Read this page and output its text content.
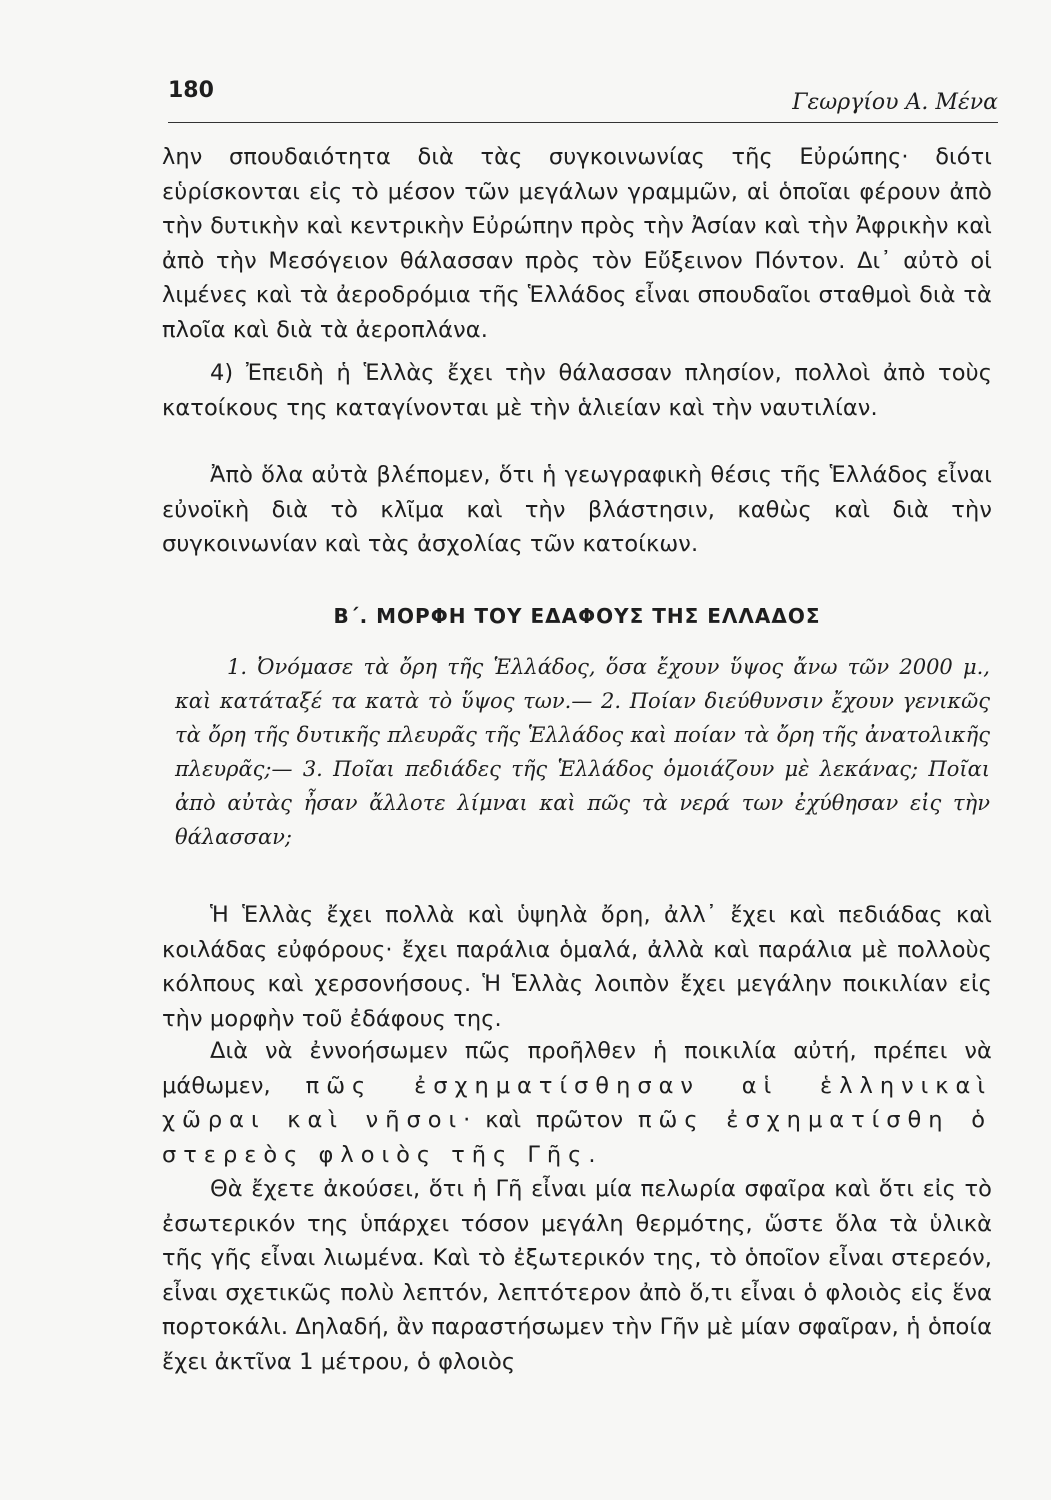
180	Γεωργίου Α. Μένα

λην σπουδαιότητα διὰ τὰς συγκοινωνίας τῆς Εὐρώπης· διότι εὑρίσκονται εἰς τὸ μέσον τῶν μεγάλων γραμμῶν, αἱ ὁποῖαι φέρουν ἀπὸ τὴν δυτικὴν καὶ κεντρικὴν Εὐρώπην πρὸς τὴν Ἀσίαν καὶ τὴν Ἀφρικὴν καὶ ἀπὸ τὴν Μεσόγειον θάλασσαν πρὸς τὸν Εὔξεινον Πόντον. Δι᾽ αὐτὸ οἱ λιμένες καὶ τὰ ἀεροδρόμια τῆς Ἑλλάδος εἶναι σπουδαῖοι σταθμοὶ διὰ τὰ πλοῖα καὶ διὰ τὰ ἀεροπλάνα.

4) Ἐπειδὴ ἡ Ἑλλὰς ἔχει τὴν θάλασσαν πλησίον, πολλοὶ ἀπὸ τοὺς κατοίκους της καταγίνονται μὲ τὴν ἁλιείαν καὶ τὴν ναυτιλίαν.

Ἀπὸ ὅλα αὐτὰ βλέπομεν, ὅτι ἡ γεωγραφικὴ θέσις τῆς Ἑλλάδος εἶναι εὐνοϊκὴ διὰ τὸ κλῖμα καὶ τὴν βλάστησιν, καθὼς καὶ διὰ τὴν συγκοινωνίαν καὶ τὰς ἀσχολίας τῶν κατοίκων.

Β΄. ΜΟΡΦΗ ΤΟΥ ΕΔΑΦΟΥΣ ΤΗΣ ΕΛΛΑΔΟΣ

1. Ὀνόμασε τὰ ὄρη τῆς Ἑλλάδος, ὅσα ἔχουν ὕψος ἄνω τῶν 2000 μ., καὶ κατάταξέ τα κατὰ τὸ ὕψος των.— 2. Ποίαν διεύθυνσιν ἔχουν γενικῶς τὰ ὄρη τῆς δυτικῆς πλευρᾶς τῆς Ἑλλάδος καὶ ποίαν τὰ ὄρη τῆς ἀνατολικῆς πλευρᾶς;— 3. Ποῖαι πεδιάδες τῆς Ἑλλάδος ὁμοιάζουν μὲ λεκάνας; Ποῖαι ἀπὸ αὐτὰς ἦσαν ἄλλοτε λίμναι καὶ πῶς τὰ νερά των ἐχύθησαν εἰς τὴν θάλασσαν;

Ἡ Ἑλλὰς ἔχει πολλὰ καὶ ὑψηλὰ ὄρη, ἀλλ᾽ ἔχει καὶ πεδιάδας καὶ κοιλάδας εὐφόρους· ἔχει παράλια ὁμαλά, ἀλλὰ καὶ παράλια μὲ πολλοὺς κόλπους καὶ χερσονήσους. Ἡ Ἑλλὰς λοιπὸν ἔχει μεγάλην ποικιλίαν εἰς τὴν μορφὴν τοῦ ἐδάφους της.

Διὰ νὰ ἐννοήσωμεν πῶς προῆλθεν ἡ ποικιλία αὐτή, πρέπει νὰ μάθωμεν, πῶς ἐσχηματίσθησαν αἱ ἑλληνικαὶ χῶραι καὶ νῆσοι· καὶ πρῶτον πῶς ἐσχηματίσθη ὁ στερεὸς φλοιὸς τῆς Γῆς.

Θὰ ἔχετε ἀκούσει, ὅτι ἡ Γῆ εἶναι μία πελωρία σφαῖρα καὶ ὅτι εἰς τὸ ἐσωτερικόν της ὑπάρχει τόσον μεγάλη θερμότης, ὥστε ὅλα τὰ ὑλικὰ τῆς γῆς εἶναι λιωμένα. Καὶ τὸ ἐξωτερικόν της, τὸ ὁποῖον εἶναι στερεόν, εἶναι σχετικῶς πολὺ λεπτόν, λεπτότερον ἀπὸ ὅ,τι εἶναι ὁ φλοιὸς εἰς ἕνα πορτοκάλι. Δηλαδή, ἂν παραστήσωμεν τὴν Γῆν μὲ μίαν σφαῖραν, ἡ ὁποία ἔχει ἀκτῖνα 1 μέτρου, ὁ φλοιὸς
